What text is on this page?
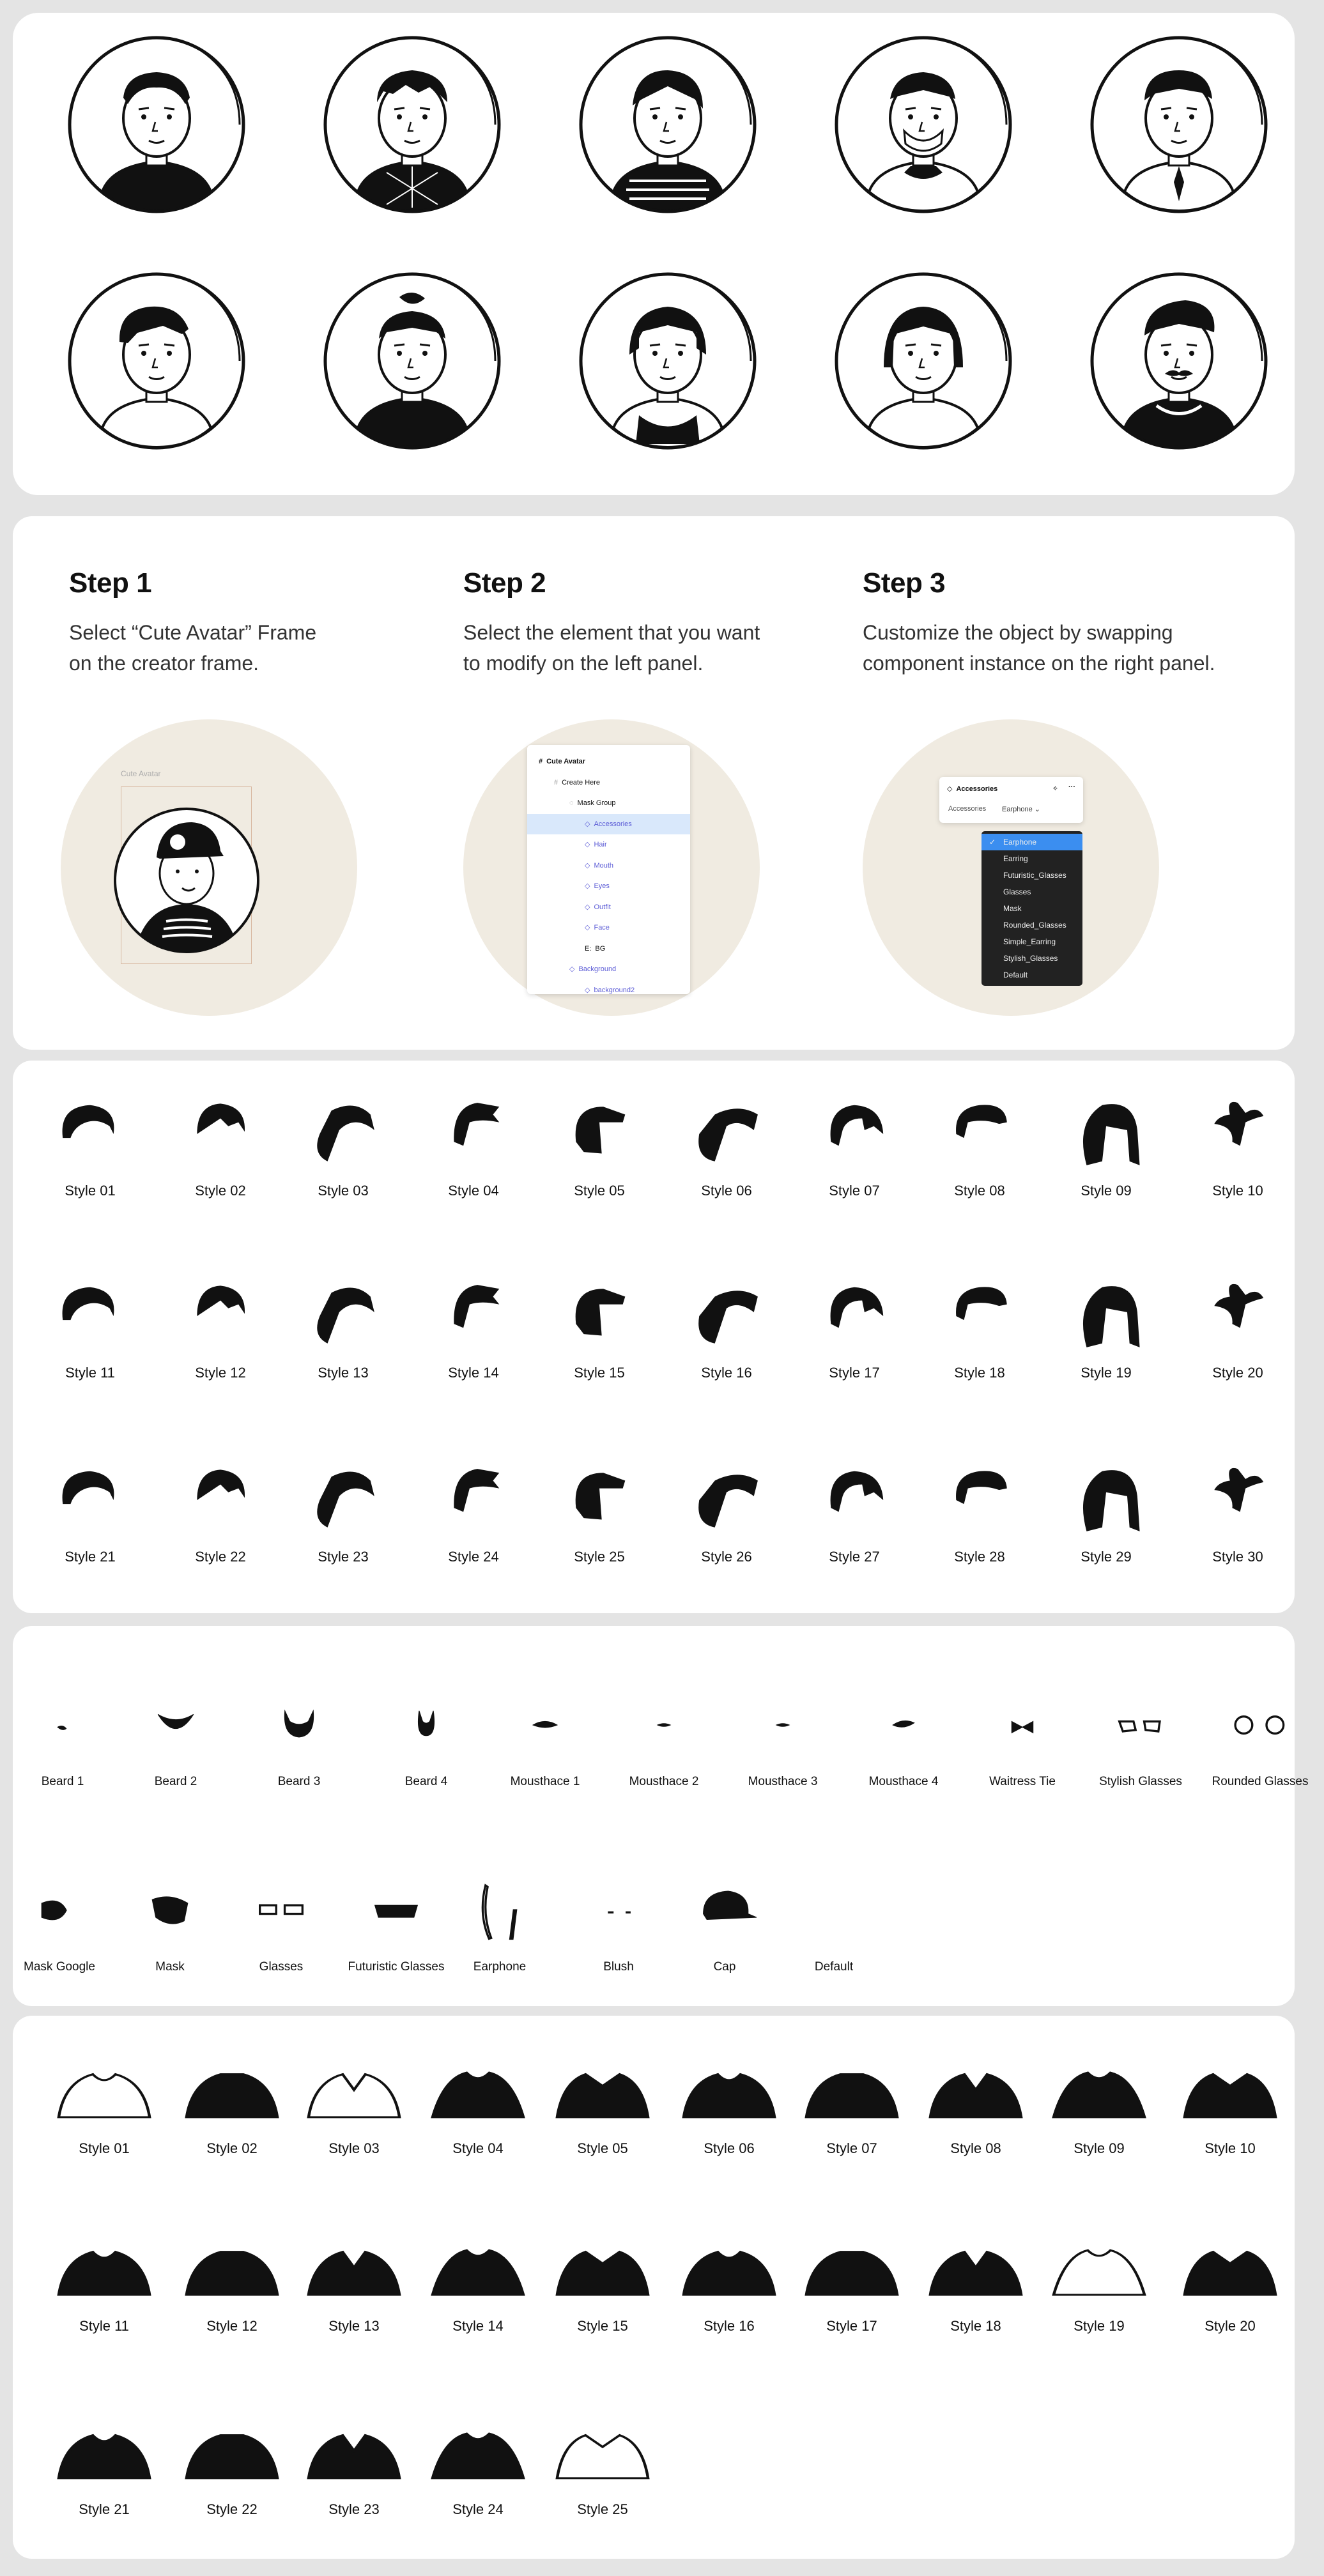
Step 1

Select “Cute Avatar” Frame

on the creator frame.

Step 2

Select the element that you want

to modify on the left panel.

Step 3

Customize the object by swapping

component instance on the right panel.

Cute Avatar
# Cute Avatar
# Create Here
◌ Mask Group
◇ Accessories
◇ Hair
◇ Mouth
◇ Eyes
◇ Outfit
◇ Face
E: BG
◇ Background
◇ background2
◇ Accessories	⟡ ···
Accessories Earphone ⌄
✓ Earphone
Earring
Futuristic_Glasses
Glasses
Mask
Rounded_Glasses
Simple_Earring
Stylish_Glasses
Default
Style 01	Style 02	Style 03	Style 04	Style 05	Style 06	Style 07	Style 08	Style 09	Style 10
Style 11	Style 12	Style 13	Style 14	Style 15	Style 16	Style 17	Style 18	Style 19	Style 20
Style 21	Style 22	Style 23	Style 24	Style 25	Style 26	Style 27	Style 28	Style 29	Style 30
Beard 1	Beard 2	Beard 3	Beard 4	Mousthace 1	Mousthace 2	Mousthace 3	Mousthace 4	Waitress Tie	Stylish Glasses	Rounded Glasses
Mask Google	Mask	Glasses	Futuristic Glasses	Earphone	Blush	Cap	Default
Style 01	Style 02	Style 03	Style 04	Style 05	Style 06	Style 07	Style 08	Style 09	Style 10
Style 11	Style 12	Style 13	Style 14	Style 15	Style 16	Style 17	Style 18	Style 19	Style 20
Style 21	Style 22	Style 23	Style 24	Style 25
